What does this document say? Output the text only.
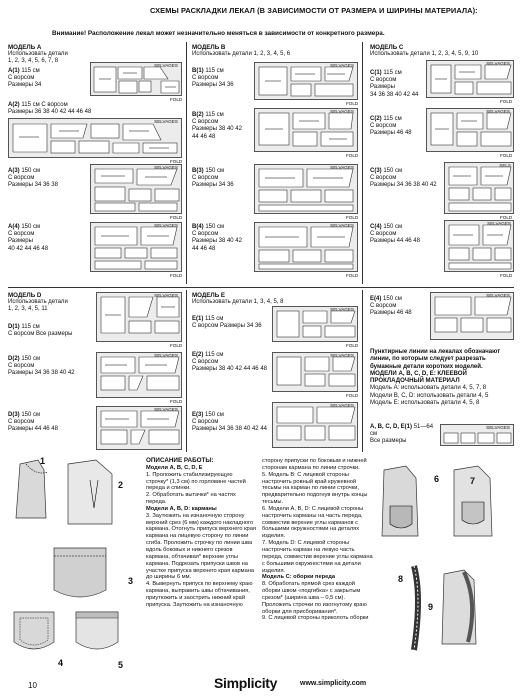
СХЕМЫ РАСКЛАДКИ ЛЕКАЛ (В ЗАВИСИМОСТИ ОТ РАЗМЕРА И ШИРИНЫ МАТЕРИАЛА):
Внимание! Расположение лекал может незначительно меняться в зависимости от конкретного размера.
МОДЕЛЬ A
Использовать детали
1, 2, 3, 4, 5, 6, 7, 8
A(1) 115 см
С ворсом
Размеры 34
SELVAGES
FOLD
A(2) 115 см С ворсом
Размеры 36 38 40 42 44 46 48
SELVAGES
FOLD
A(3) 150 см
С ворсом
Размеры 34 36 38
SELVAGES
FOLD
A(4) 150 см
С ворсом
Размеры
40 42 44 46 48
SELVAGES
FOLD
МОДЕЛЬ B
Использовать детали 1, 2, 3, 4, 5, 6
B(1) 115 см
С ворсом
Размеры 34 36
SELVAGES
FOLD
B(2) 115 см
С ворсом
Размеры 38 40 42 44 46 48
SELVAGES
FOLD
B(3) 150 см
С ворсом
Размеры 34 36
SELVAGES
FOLD
B(4) 150 см
С ворсом
Размеры 38 40 42 44 46 48
SELVAGES
FOLD
МОДЕЛЬ C
Использовать детали 1, 2, 3, 4, 5, 9, 10
C(1) 115 см
С ворсом
Размеры
34 36 38 40 42 44
SELVAGES
FOLD
C(2) 115 см
С ворсом
Размеры 46 48
SELVAGES
FOLD
C(3) 150 см
С ворсом
Размеры 34 36 38 40 42
SELS
FOLD
C(4) 150 см
С ворсом
Размеры 44 46 48
SELVAGES
FOLD
МОДЕЛЬ D
Использовать детали
1, 2, 3, 4, 5, 11
D(1) 115 см
С ворсом Все размеры
SELVAGES
FOLD
D(2) 150 см
С ворсом
Размеры 34 36 38 40 42
SELVAGES
FOLD
D(3) 150 см
С ворсом
Размеры 44 46 48
SELVAGES
МОДЕЛЬ E
Использовать детали 1, 3, 4, 5, 8
E(1) 115 см
С ворсом Размеры 34 36
SELVAGES
FOLD
E(2) 115 см
С ворсом
Размеры 38 40 42 44 46 48
SELVAGES
FOLD
E(3) 150 см
С ворсом
Размеры 34 36 38 40 42 44
SELVAGES
E(4) 150 см
С ворсом
Размеры 46 48
SELVAGES
Пунктирные линии на лекалах обозначают линии, по которым следует разрезать бумажные детали коротких моделей.
МОДЕЛИ A, B, C, D, E: КЛЕЕВОЙ ПРОКЛАДОЧНЫЙ МАТЕРИАЛ
Модель A: использовать детали 4, 5, 7, 8
Модели B, C, D: использовать детали 4, 5
Модель E: использовать детали 4, 5, 8
A, B, C, D, E(1) 51—64 см
Все размеры
SELVAGES
1
2
3
4	5
ОПИСАНИЕ РАБОТЫ:
Модели A, B, C, D, E
1. Проложить стабилизирующую строчку* (1,3 см) по горловине частей переда и спинки.
2. Обработать вытачки* на частях переда.
Модели A, B, D: карманы
3. Заутюжить на изнаночную сторону верхний срез (6 мм) каждого накладного кармана. Отогнуть припуск верхнего края кармана на лицевую сторону по линии сгиба. Проложить строчку по линии шва вдоль боковых и нижнего срезов кармана, обтачивая* верхние углы кармана. Подрезать припуски швов на участке припуска верхнего края кармана до ширины 6 мм.
4. Вывернуть припуск по верхнему краю кармана, выправить швы обтачивания, приутюжить и заострить нижний край припуска. Заутюжить на изнаночную
сторону припуски по боковым и нижней сторонам кармана по линии строчки.
5. Модель B: С лицевой стороны настрочить ровный край кружевной тесьмы на карман по линии строчки, предварительно подогнув внутрь концы тесьмы.
6. Модели A, B, D: С лицевой стороны настрочить карманы на часть переда, совместив верхние углы карманов с большими окружностями на деталях изделия.
7. Модель D: С лицевой стороны настрочить карман на левую часть переда, совместив верхние углы кармана с большими окружностями на детали изделия.
Модель C: оборки переда
8. Обработать прямой срез каждой оборки швом «подгибка» с закрытым срезом* (ширина шва – 0,5 см). Проложить строчки по изогнутому краю оборки для присборивания*.
9. С лицевой стороны приколоть оборки
6	7
8
9
10	Simplicity	www.simplicity.com
